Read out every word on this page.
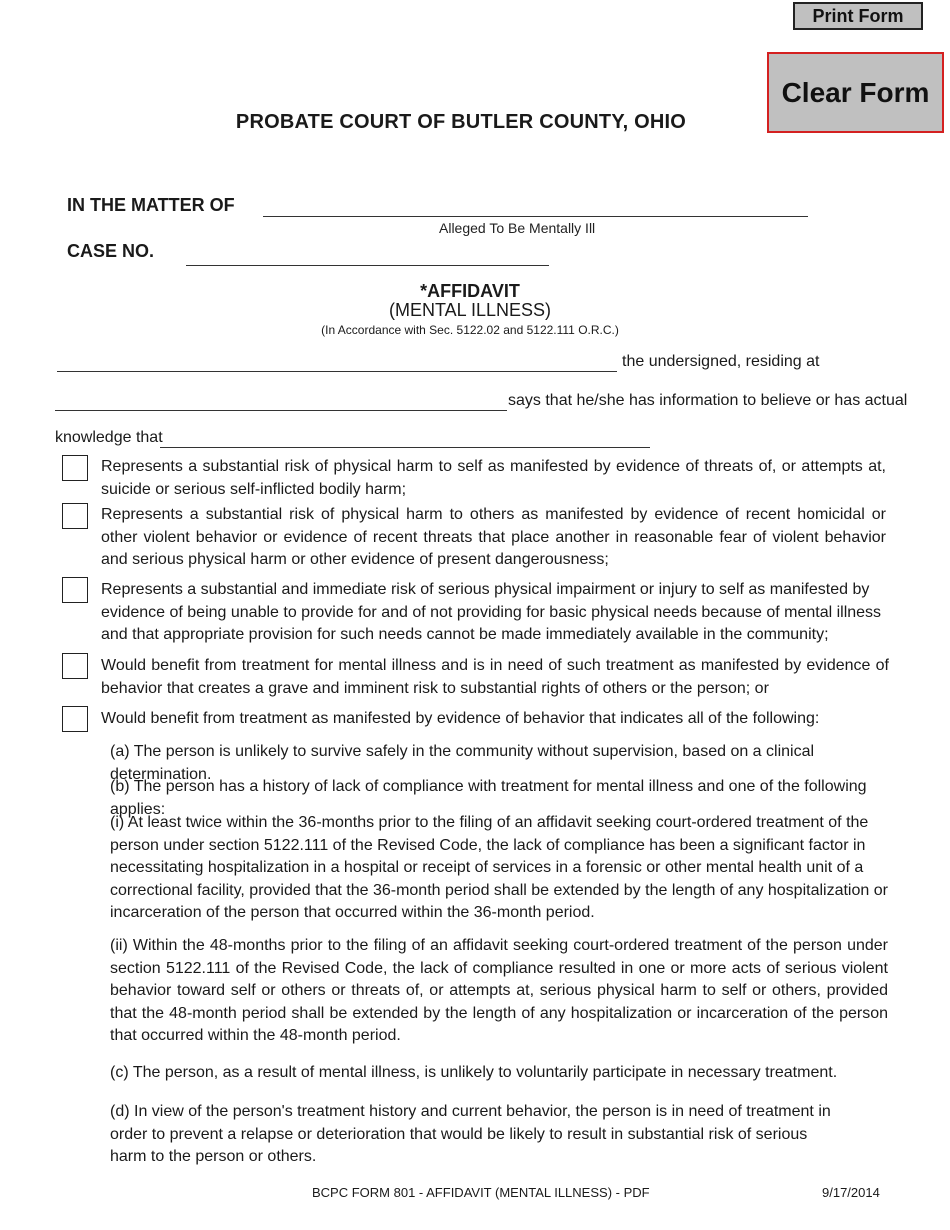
Print Form
Clear Form
PROBATE COURT OF BUTLER COUNTY, OHIO
IN THE MATTER OF
Alleged To Be Mentally Ill
CASE NO.
*AFFIDAVIT
(MENTAL ILLNESS)
(In Accordance with Sec. 5122.02 and 5122.111 O.R.C.)
the undersigned, residing at
says that he/she has information to believe or has actual
knowledge that
Represents a substantial risk of physical harm to self as manifested by evidence of threats of, or attempts at, suicide or serious self-inflicted bodily harm;
Represents a substantial risk of physical harm to others as manifested by evidence of recent homicidal or other violent behavior or evidence of recent threats that place another in reasonable fear of violent behavior and serious physical harm or other evidence of present dangerousness;
Represents a substantial and immediate risk of serious physical impairment or injury to self as manifested by evidence of being unable to provide for and of not providing for basic physical needs because of mental illness and that appropriate provision for such needs cannot be made immediately available in the community;
Would benefit from treatment for mental illness and is in need of such treatment as manifested by evidence of behavior that creates a grave and imminent risk to substantial rights of others or the person; or
Would benefit from treatment as manifested by evidence of behavior that indicates all of the following:
(a) The person is unlikely to survive safely in the community without supervision, based on a clinical determination.
(b) The person has a history of lack of compliance with treatment for mental illness and one of the following applies:
(i) At least twice within the 36-months prior to the filing of an affidavit seeking court-ordered treatment of the person under section 5122.111 of the Revised Code, the lack of compliance has been a significant factor in necessitating hospitalization in a hospital or receipt of services in a forensic or other mental health unit of a correctional facility, provided that the 36-month period shall be extended by the length of any hospitalization or incarceration of the person that occurred within the 36-month period.
(ii) Within the 48-months prior to the filing of an affidavit seeking court-ordered treatment of the person under section 5122.111 of the Revised Code, the lack of compliance resulted in one or more acts of serious violent behavior toward self or others or threats of, or attempts at, serious physical harm to self or others, provided that the 48-month period shall be extended by the length of any hospitalization or incarceration of the person that occurred within the 48-month period.
(c) The person, as a result of mental illness, is unlikely to voluntarily participate in necessary treatment.
(d) In view of the person's treatment history and current behavior, the person is in need of treatment in order to prevent a relapse or deterioration that would be likely to result in substantial risk of serious harm to the person or others.
BCPC FORM 801 - AFFIDAVIT (MENTAL ILLNESS) - PDF	9/17/2014
